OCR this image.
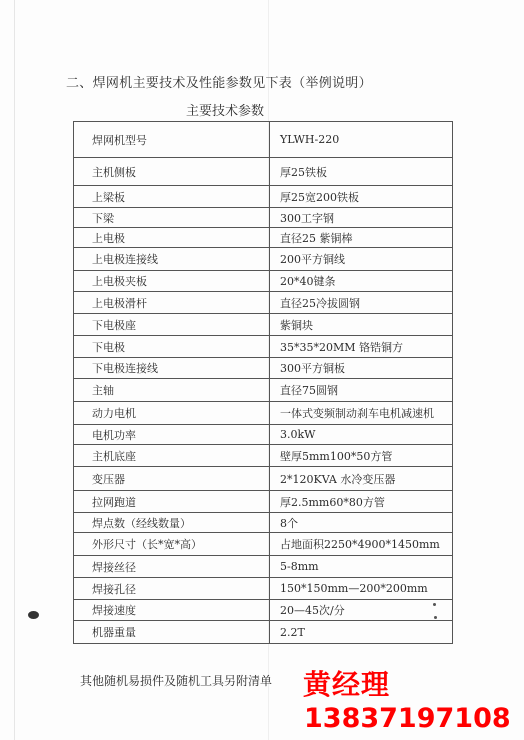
二、焊网机主要技术及性能参数见下表（举例说明）
主要技术参数
焊网机型号	YLWH-220
主机侧板	厚25铁板
上梁板	厚25宽200铁板
下梁	300工字钢
上电极	直径25 紫铜棒
上电极连接线	200平方铜线
上电极夹板	20*40键条
上电极滑杆	直径25冷拔圆钢
下电极座	紫铜块
下电极	35*35*20MM 铬锆铜方
下电极连接线	300平方铜板
主轴	直径75圆钢
动力电机	一体式变频制动刹车电机减速机
电机功率	3.0kW
主机底座	壁厚5mm100*50方管
变压器	2*120KVA 水冷变压器
拉网跑道	厚2.5mm60*80方管
焊点数（经线数量）	8个
外形尺寸（长*宽*高）	占地面积2250*4900*1450mm
焊接丝径	5-8mm
焊接孔径	150*150mm—200*200mm
焊接速度	20—45次/分
机器重量	2.2T
其他随机易损件及随机工具另附清单 黄经理
13837197108
